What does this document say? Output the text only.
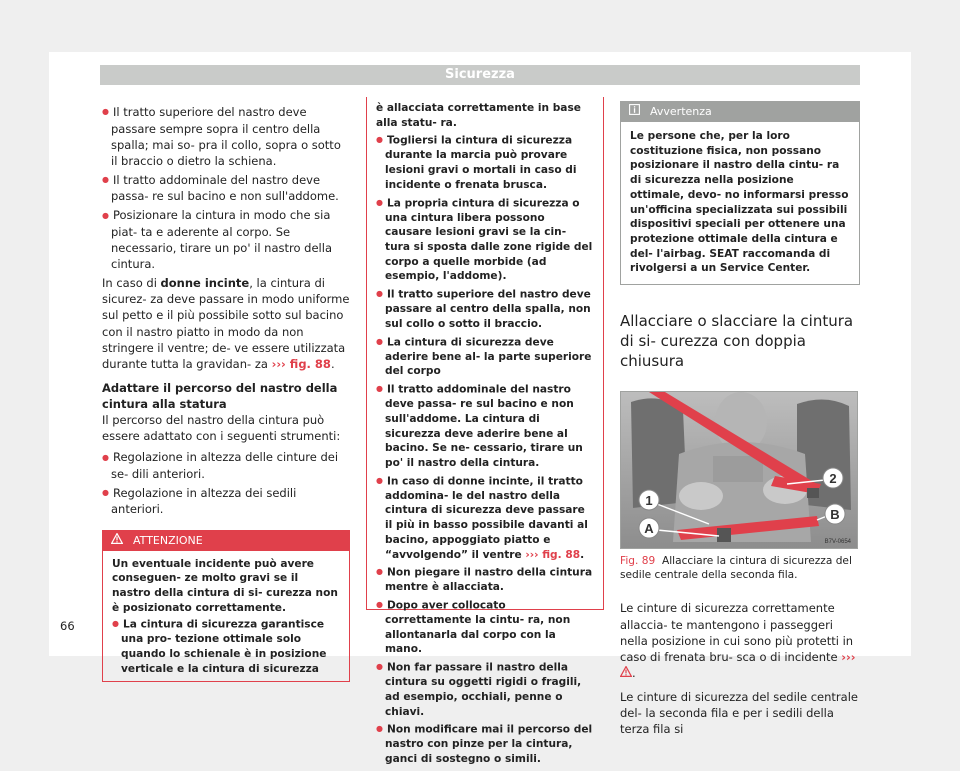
Sicurezza

● Il tratto superiore del nastro deve passare sempre sopra il centro della spalla; mai so- pra il collo, sopra o sotto il braccio o dietro la schiena.

● Il tratto addominale del nastro deve passa- re sul bacino e non sull'addome.

● Posizionare la cintura in modo che sia piat- ta e aderente al corpo. Se necessario, tirare un po' il nastro della cintura.

In caso di donne incinte, la cintura di sicurez- za deve passare in modo uniforme sul petto e il più possibile sotto sul bacino con il nastro piatto in modo da non stringere il ventre; de- ve essere utilizzata durante tutta la gravidan- za ››› fig. 88.

Adattare il percorso del nastro della cintura alla statura

Il percorso del nastro della cintura può essere adattato con i seguenti strumenti:

● Regolazione in altezza delle cinture dei se- dili anteriori.

● Regolazione in altezza dei sedili anteriori.

ATTENZIONE

Un eventuale incidente può avere conseguen- ze molto gravi se il nastro della cintura di si- curezza non è posizionato correttamente.

● La cintura di sicurezza garantisce una pro- tezione ottimale solo quando lo schienale è in posizione verticale e la cintura di sicurezza

è allacciata correttamente in base alla statu- ra.

● Togliersi la cintura di sicurezza durante la marcia può provare lesioni gravi o mortali in caso di incidente o frenata brusca.

● La propria cintura di sicurezza o una cintura libera possono causare lesioni gravi se la cin- tura si sposta dalle zone rigide del corpo a quelle morbide (ad esempio, l'addome).

● Il tratto superiore del nastro deve passare al centro della spalla, non sul collo o sotto il braccio.

● La cintura di sicurezza deve aderire bene al- la parte superiore del corpo

● Il tratto addominale del nastro deve passa- re sul bacino e non sull'addome. La cintura di sicurezza deve aderire bene al bacino. Se ne- cessario, tirare un po' il nastro della cintura.

● In caso di donne incinte, il tratto addomina- le del nastro della cintura di sicurezza deve passare il più in basso possibile davanti al bacino, appoggiato piatto e “avvolgendo” il ventre ››› fig. 88.

● Non piegare il nastro della cintura mentre è allacciata.

● Dopo aver collocato correttamente la cintu- ra, non allontanarla dal corpo con la mano.

● Non far passare il nastro della cintura su oggetti rigidi o fragili, ad esempio, occhiali, penne o chiavi.

● Non modificare mai il percorso del nastro con pinze per la cintura, ganci di sostegno o simili.

Avvertenza
Le persone che, per la loro costituzione fisica, non possano posizionare il nastro della cintu- ra di sicurezza nella posizione ottimale, devo- no informarsi presso un'officina specializzata sui possibili dispositivi speciali per ottenere una protezione ottimale della cintura e del- l'airbag. SEAT raccomanda di rivolgersi a un Service Center.

Allacciare o slacciare la cintura di si- curezza con doppia chiusura

1
2
A
B
B7V-0654

Fig. 89 Allacciare la cintura di sicurezza del sedile centrale della seconda fila.

Le cinture di sicurezza correttamente allaccia- te mantengono i passeggeri nella posizione in cui sono più protetti in caso di frenata bru- sca o di incidente ››› .

Le cinture di sicurezza del sedile centrale del- la seconda fila e per i sedili della terza fila si

66
